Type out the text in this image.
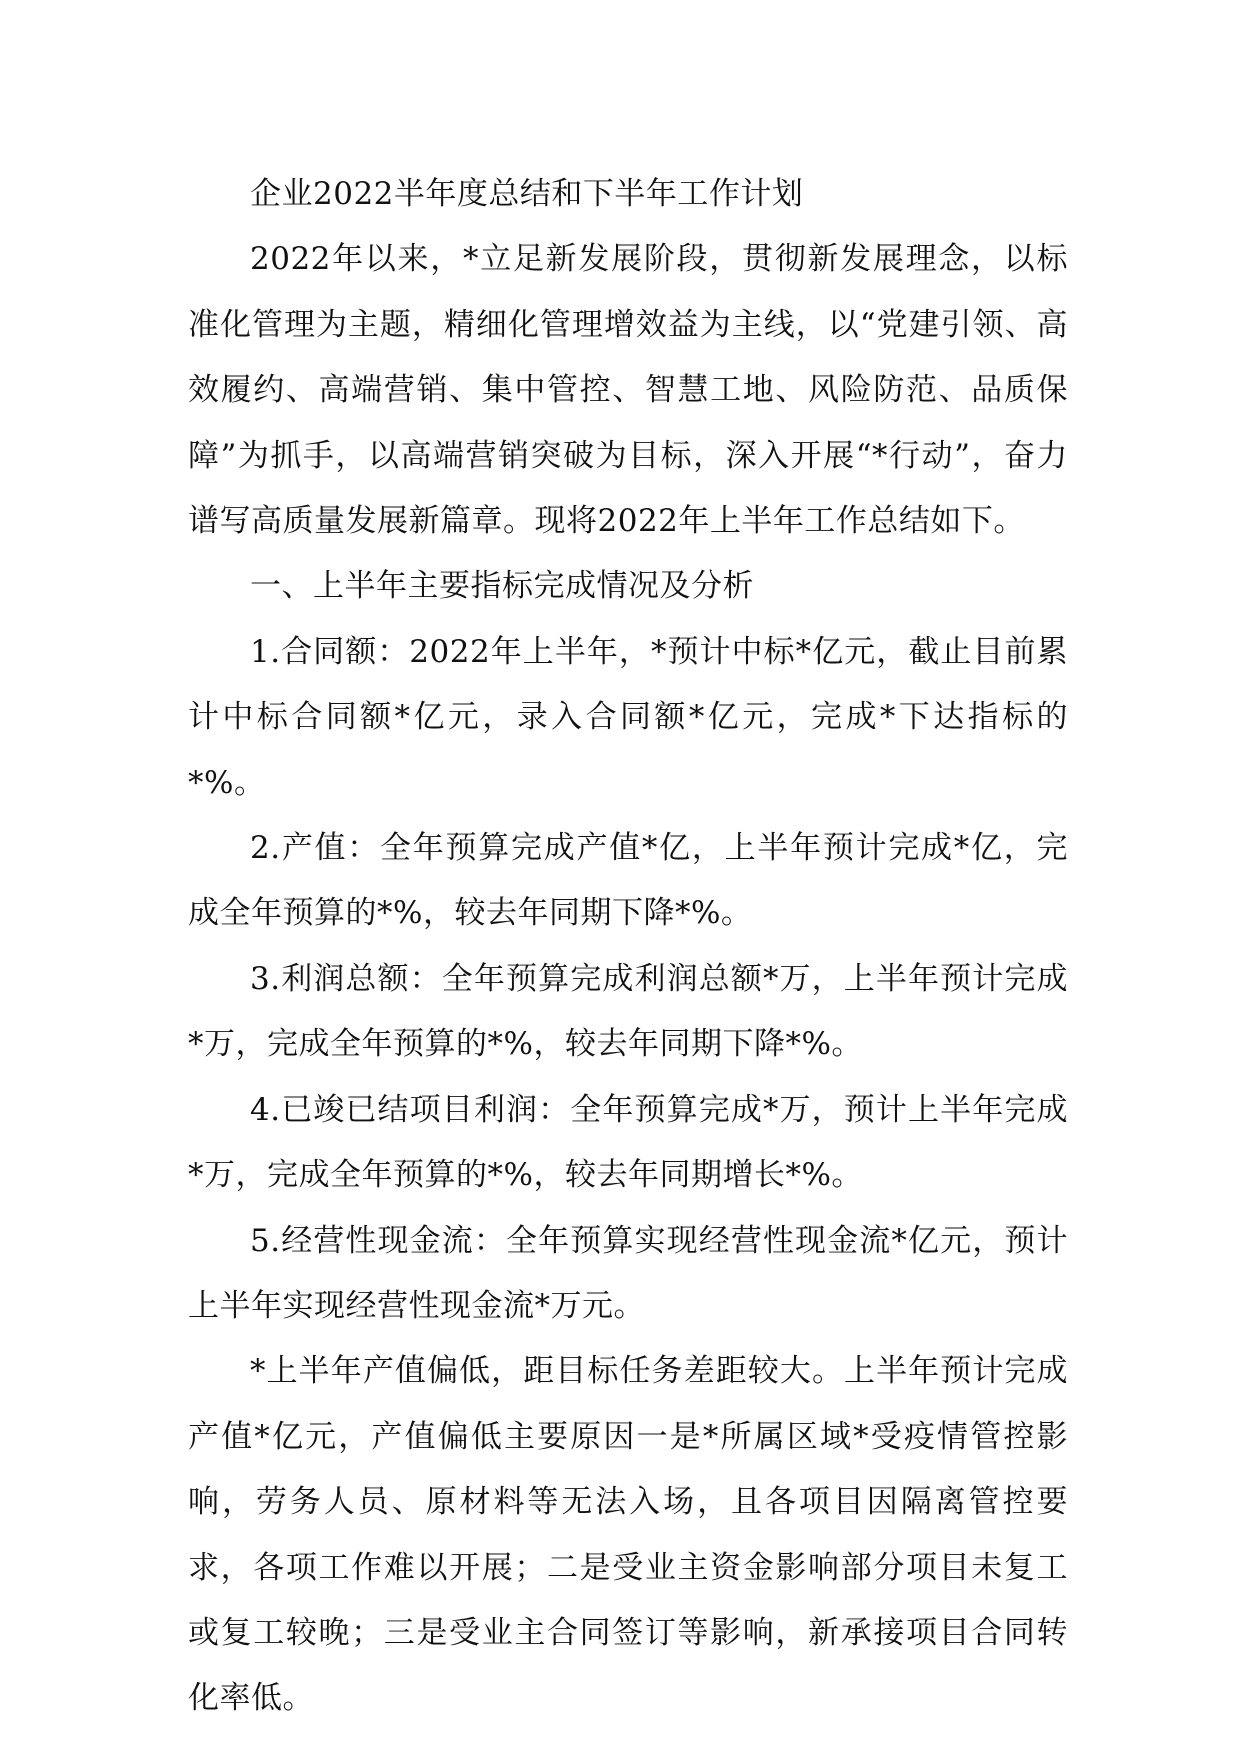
企业2022半年度总结和下半年工作计划

2022年以来，*立足新发展阶段，贯彻新发展理念，以标准化管理为主题，精细化管理增效益为主线，以“党建引领、高效履约、高端营销、集中管控、智慧工地、风险防范、品质保障”为抓手，以高端营销突破为目标，深入开展“*行动”，奋力谱写高质量发展新篇章。现将2022年上半年工作总结如下。

一、上半年主要指标完成情况及分析

1.合同额：2022年上半年，*预计中标*亿元，截止目前累计中标合同额*亿元，录入合同额*亿元，完成*下达指标的*%。

2.产值：全年预算完成产值*亿，上半年预计完成*亿，完成全年预算的*%，较去年同期下降*%。

3.利润总额：全年预算完成利润总额*万，上半年预计完成*万，完成全年预算的*%，较去年同期下降*%。

4.已竣已结项目利润：全年预算完成*万，预计上半年完成*万，完成全年预算的*%，较去年同期增长*%。

5.经营性现金流：全年预算实现经营性现金流*亿元，预计上半年实现经营性现金流*万元。

*上半年产值偏低，距目标任务差距较大。上半年预计完成产值*亿元，产值偏低主要原因一是*所属区域*受疫情管控影响，劳务人员、原材料等无法入场，且各项目因隔离管控要求，各项工作难以开展；二是受业主资金影响部分项目未复工或复工较晚；三是受业主合同签订等影响，新承接项目合同转化率低。
